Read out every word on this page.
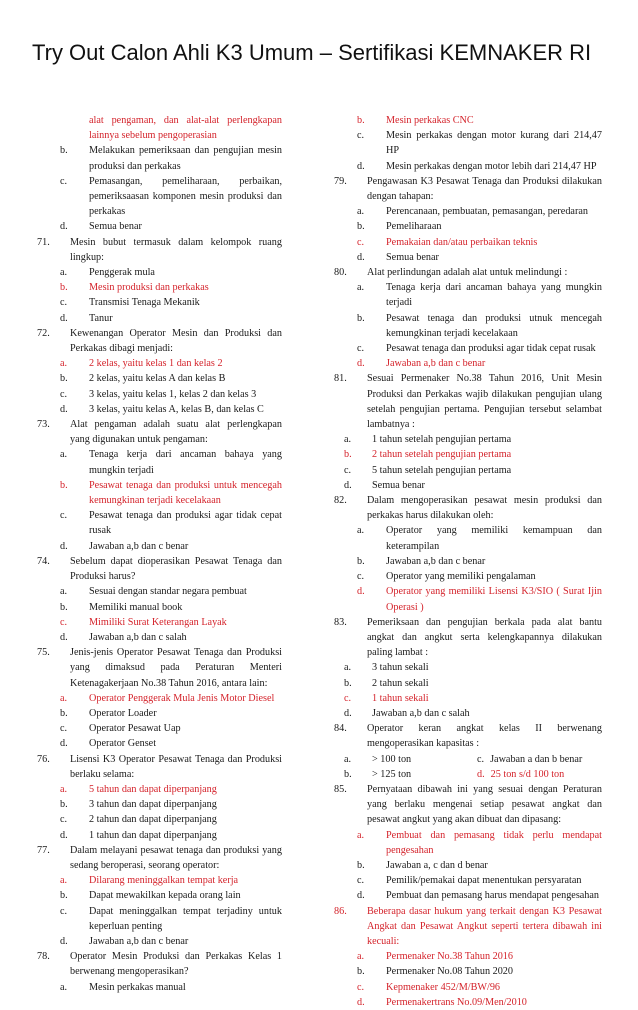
Try Out Calon Ahli K3 Umum – Sertifikasi KEMNAKER RI
alat pengaman, dan alat-alat perlengkapan lainnya sebelum pengoperasian
b. Melakukan pemeriksaan dan pengujian mesin produksi dan perkakas
c. Pemasangan, pemeliharaan, perbaikan, pemeriksaasan komponen mesin produksi dan perkakas
d. Semua benar
71. Mesin bubut termasuk dalam kelompok ruang lingkup:
a. Penggerak mula
b. Mesin produksi dan perkakas
c. Transmisi Tenaga Mekanik
d. Tanur
72. Kewenangan Operator Mesin dan Produksi dan Perkakas dibagi menjadi:
a. 2 kelas, yaitu kelas 1 dan kelas 2
b. 2 kelas, yaitu kelas A dan kelas B
c. 3 kelas, yaitu kelas 1, kelas 2 dan kelas 3
d. 3 kelas, yaitu kelas A, kelas B, dan kelas C
73. Alat pengaman adalah suatu alat perlengkapan yang digunakan untuk pengaman:
a. Tenaga kerja dari ancaman bahaya yang mungkin terjadi
b. Pesawat tenaga dan produksi untuk mencegah kemungkinan terjadi kecelakaan
c. Pesawat tenaga dan produksi agar tidak cepat rusak
d. Jawaban a,b dan c benar
74. Sebelum dapat dioperasikan Pesawat Tenaga dan Produksi harus?
a. Sesuai dengan standar negara pembuat
b. Memiliki manual book
c. Mimiliki Surat Keterangan Layak
d. Jawaban a,b dan c salah
75. Jenis-jenis Operator Pesawat Tenaga dan Produksi yang dimaksud pada Peraturan Menteri Ketenagakerjaan No.38 Tahun 2016, antara lain:
a. Operator Penggerak Mula Jenis Motor Diesel
b. Operator Loader
c. Operator Pesawat Uap
d. Operator Genset
76. Lisensi K3 Operator Pesawat Tenaga dan Produksi berlaku selama:
a. 5 tahun dan dapat diperpanjang
b. 3 tahun dan dapat diperpanjang
c. 2 tahun dan dapat diperpanjang
d. 1 tahun dan dapat diperpanjang
77. Dalam melayani pesawat tenaga dan produksi yang sedang beroperasi, seorang operator:
a. Dilarang meninggalkan tempat kerja
b. Dapat mewakilkan kepada orang lain
c. Dapat meninggalkan tempat terjadiny untuk keperluan penting
d. Jawaban a,b dan c benar
78. Operator Mesin Produksi dan Perkakas Kelas 1 berwenang mengoperasikan?
a. Mesin perkakas manual
b. Mesin perkakas CNC
c. Mesin perkakas dengan motor kurang dari 214,47 HP
d. Mesin perkakas dengan motor lebih dari 214,47 HP
79. Pengawasan K3 Pesawat Tenaga dan Produksi dilakukan dengan tahapan:
a. Perencanaan, pembuatan, pemasangan, peredaran
b. Pemeliharaan
c. Pemakaian dan/atau perbaikan teknis
d. Semua benar
80. Alat perlindungan adalah alat untuk melindungi :
a. Tenaga kerja dari ancaman bahaya yang mungkin terjadi
b. Pesawat tenaga dan produksi utnuk mencegah kemungkinan terjadi kecelakaan
c. Pesawat tenaga dan produksi agar tidak cepat rusak
d. Jawaban a,b dan c benar
81. Sesuai Permenaker No.38 Tahun 2016, Unit Mesin Produksi dan Perkakas wajib dilakukan pengujian ulang setelah pengujian pertama. Pengujian tersebut selambat lambatnya :
a. 1 tahun setelah pengujian pertama
b. 2 tahun setelah pengujian pertama
c. 5 tahun setelah pengujian pertama
d. Semua benar
82. Dalam mengoperasikan pesawat mesin produksi dan perkakas harus dilakukan oleh:
a. Operator yang memiliki kemampuan dan keterampilan
b. Jawaban a,b dan c benar
c. Operator yang memiliki pengalaman
d. Operator yang memiliki Lisensi K3/SIO ( Surat Ijin Operasi )
83. Pemeriksaan dan pengujian berkala pada alat bantu angkat dan angkut serta kelengkapannya dilakukan paling lambat :
a. 3 tahun sekali
b. 2 tahun sekali
c. 1 tahun sekali
d. Jawaban a,b dan c salah
84. Operator keran angkat kelas II berwenang mengoperasikan kapasitas :
a. > 100 ton	c. Jawaban a dan b benar
b. > 125 ton	d. 25 ton s/d 100 ton
85. Pernyataan dibawah ini yang sesuai dengan Peraturan yang berlaku mengenai setiap pesawat angkat dan pesawat angkut yang akan dibuat dan dipasang:
a. Pembuat dan pemasang tidak perlu mendapat pengesahan
b. Jawaban a, c dan d benar
c. Pemilik/pemakai dapat menentukan persyaratan
d. Pembuat dan pemasang harus mendapat pengesahan
86. Beberapa dasar hukum yang terkait dengan K3 Pesawat Angkat dan Pesawat Angkut seperti tertera dibawah ini kecuali:
a. Permenaker No.38 Tahun 2016
b. Permenaker No.08 Tahun 2020
c. Kepmenaker 452/M/BW/96
d. Permenakertrans No.09/Men/2010
